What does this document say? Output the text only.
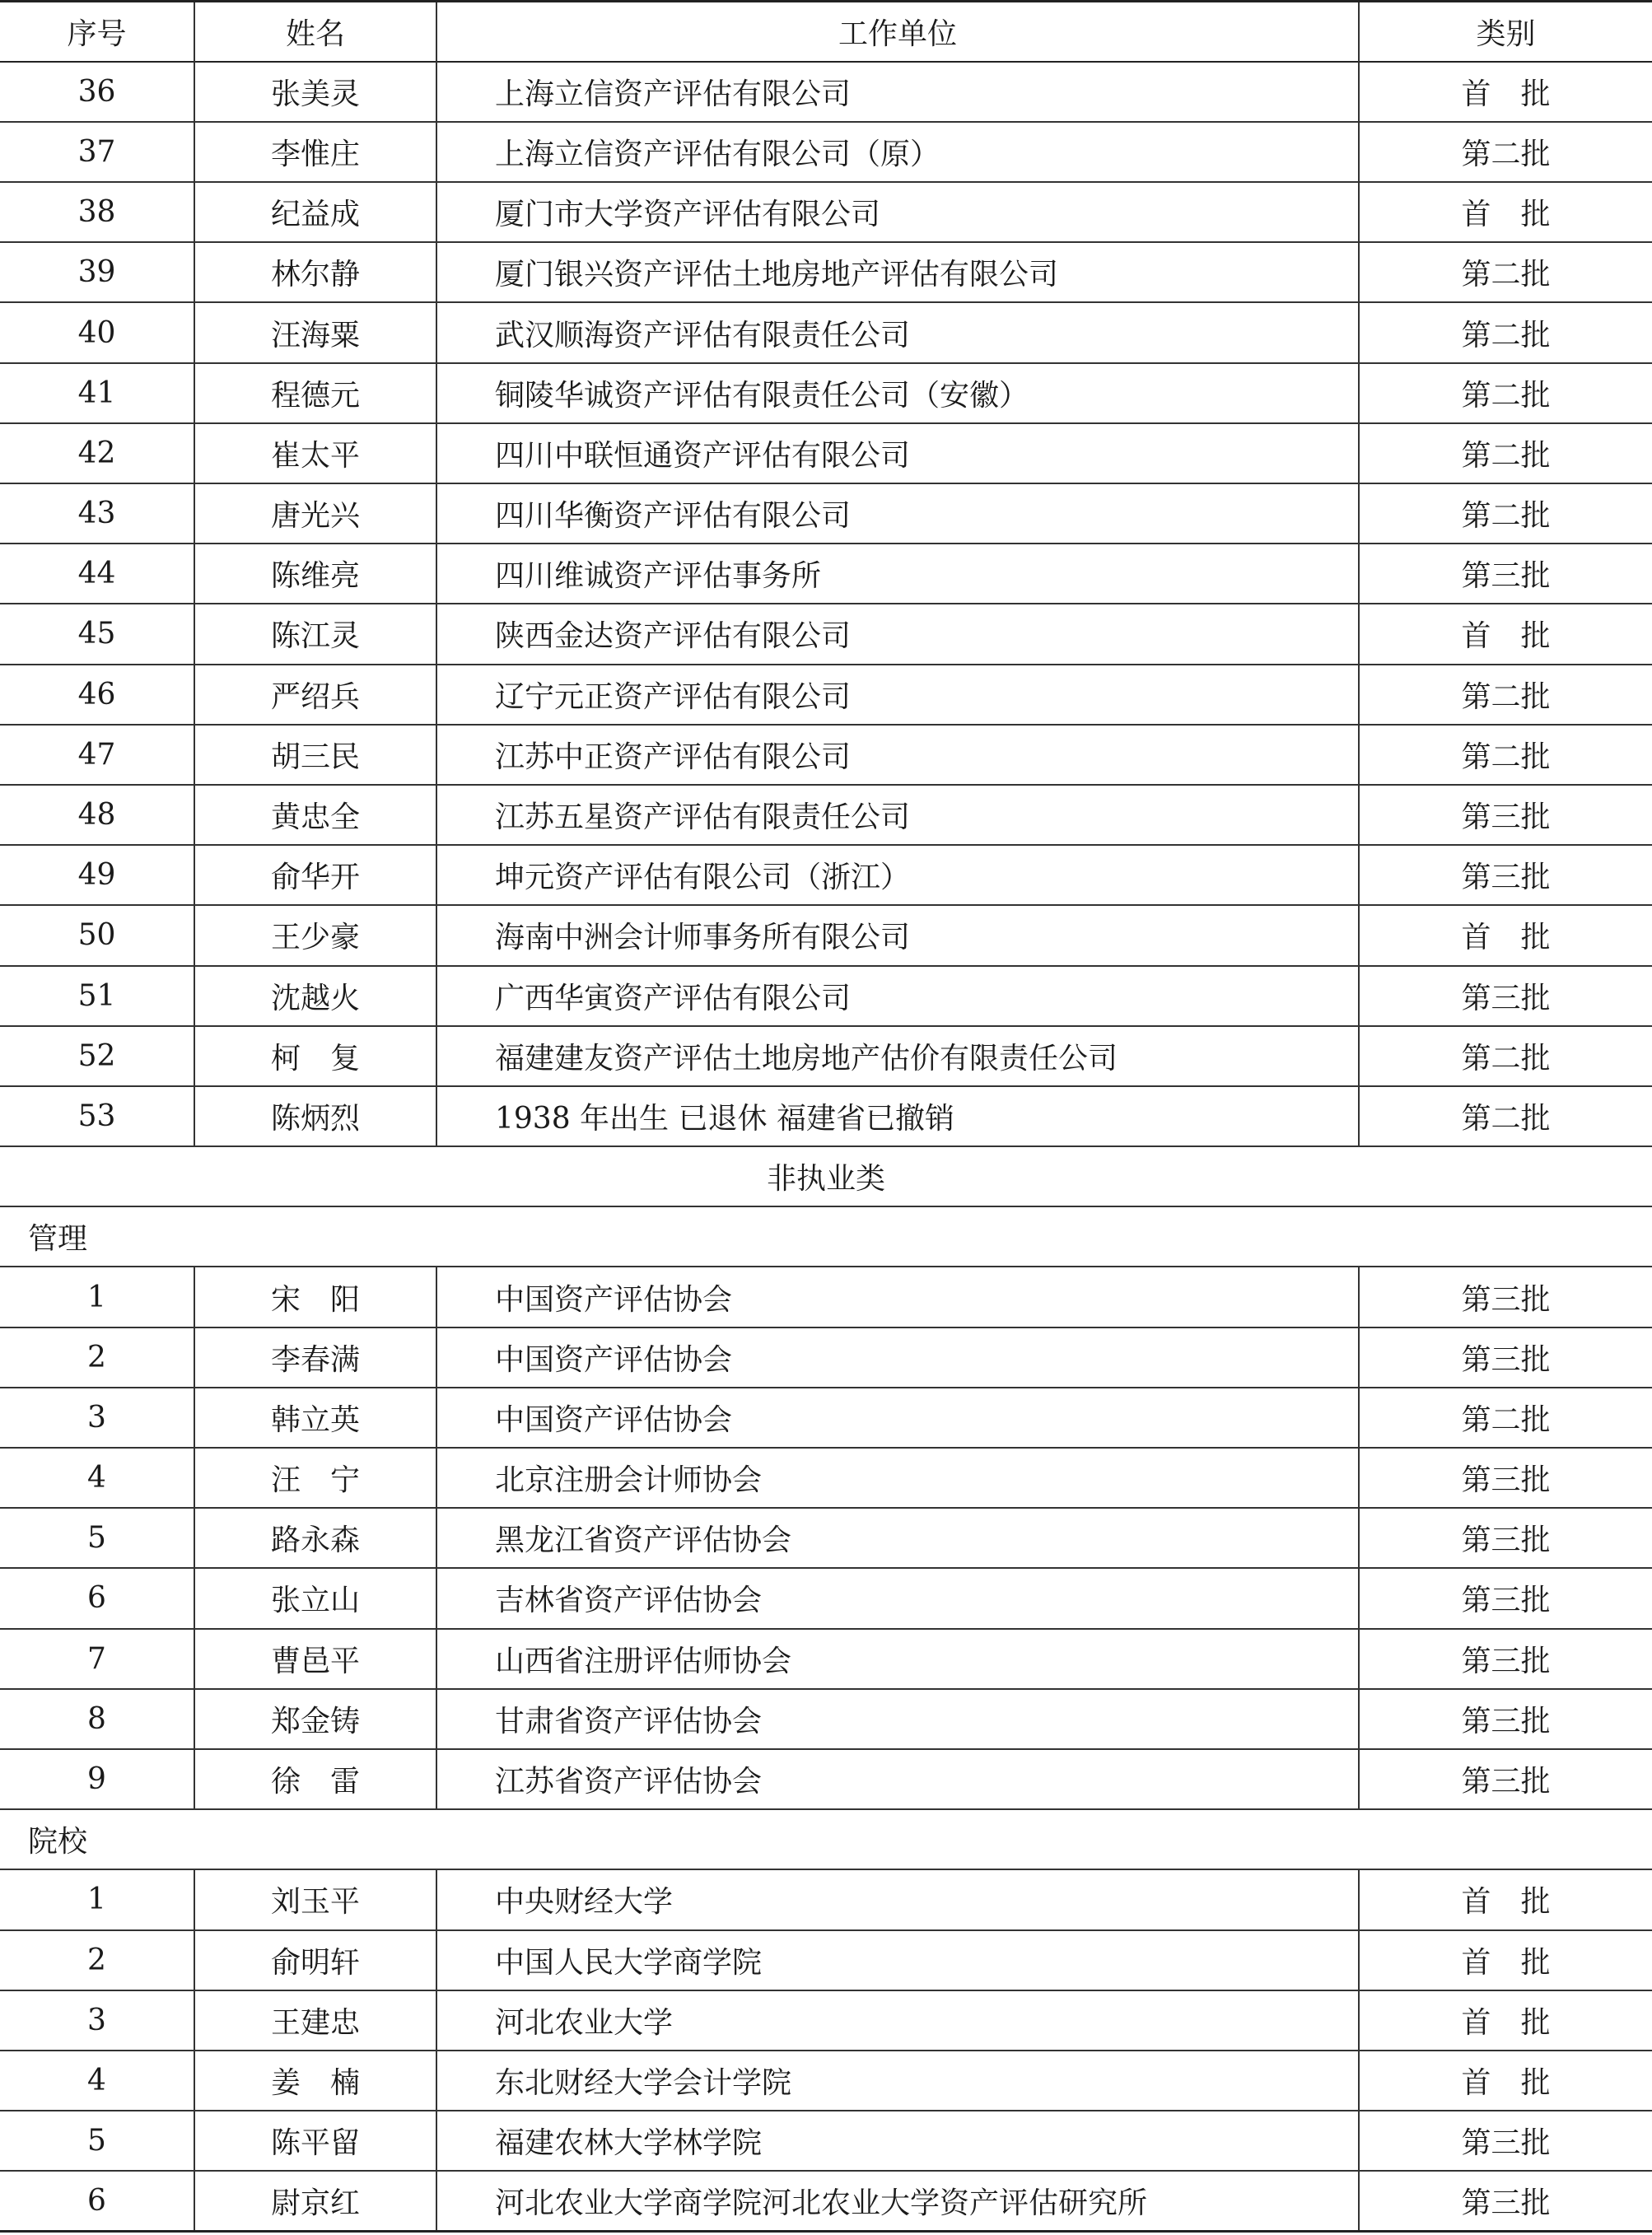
序号	姓名	工作单位	类别
36	张美灵	上海立信资产评估有限公司	首　批
37	李惟庄	上海立信资产评估有限公司（原）	第二批
38	纪益成	厦门市大学资产评估有限公司	首　批
39	林尔静	厦门银兴资产评估土地房地产评估有限公司	第二批
40	汪海粟	武汉顺海资产评估有限责任公司	第二批
41	程德元	铜陵华诚资产评估有限责任公司（安徽）	第二批
42	崔太平	四川中联恒通资产评估有限公司	第二批
43	唐光兴	四川华衡资产评估有限公司	第二批
44	陈维亮	四川维诚资产评估事务所	第三批
45	陈江灵	陕西金达资产评估有限公司	首　批
46	严绍兵	辽宁元正资产评估有限公司	第二批
47	胡三民	江苏中正资产评估有限公司	第二批
48	黄忠全	江苏五星资产评估有限责任公司	第三批
49	俞华开	坤元资产评估有限公司（浙江）	第三批
50	王少豪	海南中洲会计师事务所有限公司	首　批
51	沈越火	广西华寅资产评估有限公司	第三批
52	柯　复	福建建友资产评估土地房地产估价有限责任公司	第二批
53	陈炳烈	1938 年出生 已退休 福建省已撤销	第二批
非执业类			
管理			
1	宋　阳	中国资产评估协会	第三批
2	李春满	中国资产评估协会	第三批
3	韩立英	中国资产评估协会	第二批
4	汪　宁	北京注册会计师协会	第三批
5	路永森	黑龙江省资产评估协会	第三批
6	张立山	吉林省资产评估协会	第三批
7	曹邑平	山西省注册评估师协会	第三批
8	郑金铸	甘肃省资产评估协会	第三批
9	徐　雷	江苏省资产评估协会	第三批
院校			
1	刘玉平	中央财经大学	首　批
2	俞明轩	中国人民大学商学院	首　批
3	王建忠	河北农业大学	首　批
4	姜　楠	东北财经大学会计学院	首　批
5	陈平留	福建农林大学林学院	第三批
6	尉京红	河北农业大学商学院河北农业大学资产评估研究所	第三批
